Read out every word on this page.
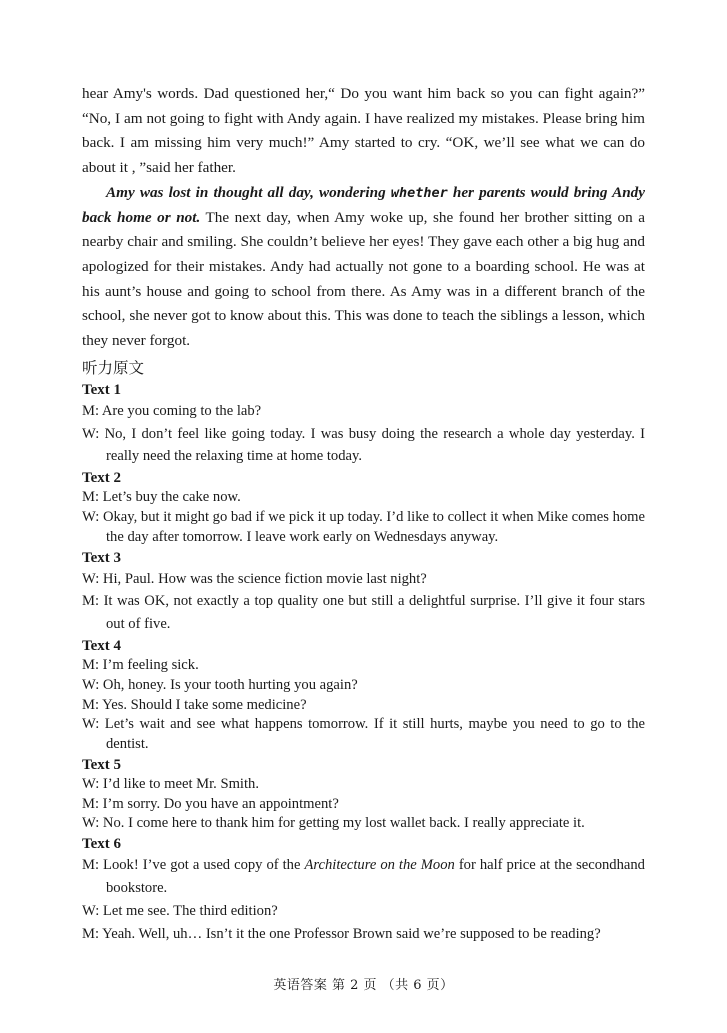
hear Amy's words. Dad questioned her,“ Do you want him back so you can fight again?” “No, I am not going to fight with Andy again. I have realized my mistakes. Please bring him back. I am missing him very much!” Amy started to cry. “OK, we’ll see what we can do about it , ”said her father.

Amy was lost in thought all day, wondering whether her parents would bring Andy back home or not. The next day, when Amy woke up, she found her brother sitting on a nearby chair and smiling. She couldn’t believe her eyes! They gave each other a big hug and apologized for their mistakes. Andy had actually not gone to a boarding school. He was at his aunt’s house and going to school from there. As Amy was in a different branch of the school, she never got to know about this. This was done to teach the siblings a lesson, which they never forgot.

听力原文
Text 1
M: Are you coming to the lab?
W: No, I don’t feel like going today. I was busy doing the research a whole day yesterday. I really need the relaxing time at home today.
Text 2
M: Let’s buy the cake now.
W: Okay, but it might go bad if we pick it up today. I’d like to collect it when Mike comes home the day after tomorrow. I leave work early on Wednesdays anyway.
Text 3
W: Hi, Paul. How was the science fiction movie last night?
M: It was OK, not exactly a top quality one but still a delightful surprise. I’ll give it four stars out of five.
Text 4
M: I’m feeling sick.
W: Oh, honey. Is your tooth hurting you again?
M: Yes. Should I take some medicine?
W: Let’s wait and see what happens tomorrow. If it still hurts, maybe you need to go to the dentist.
Text 5
W: I’d like to meet Mr. Smith.
M: I’m sorry. Do you have an appointment?
W: No. I come here to thank him for getting my lost wallet back. I really appreciate it.
Text 6
M: Look! I’ve got a used copy of the Architecture on the Moon for half price at the secondhand bookstore.
W: Let me see. The third edition?
M: Yeah. Well, uh… Isn’t it the one Professor Brown said we’re supposed to be reading?
英语答案 第 2 页 （共 6 页）
